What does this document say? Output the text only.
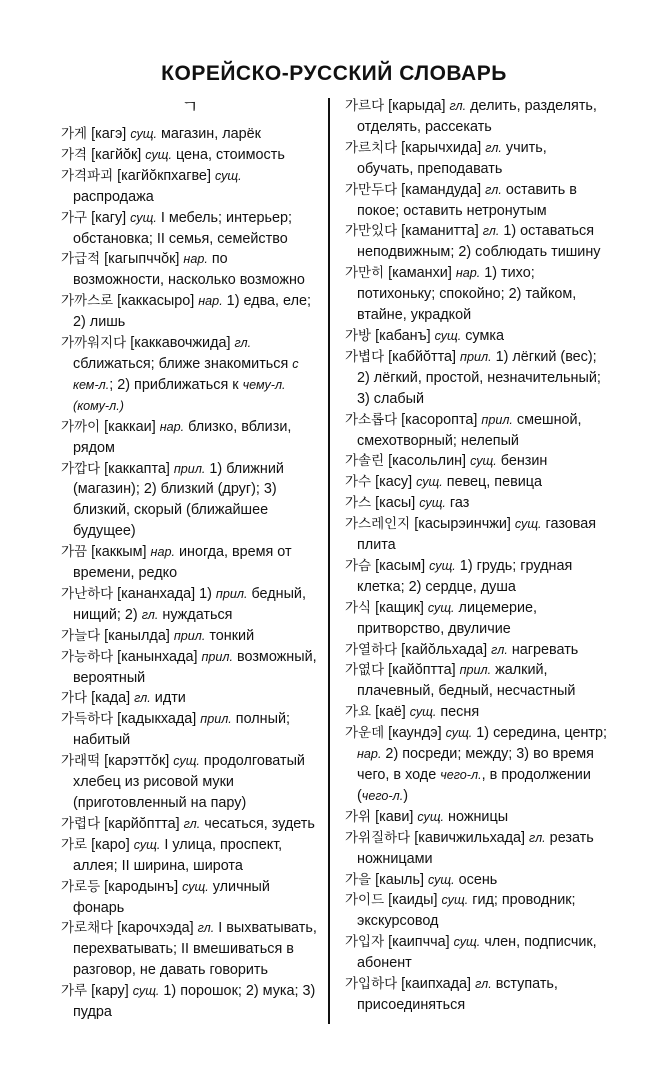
КОРЕЙСКО-РУССКИЙ СЛОВАРЬ
ㄱ
가게 [кагэ] сущ. магазин, ларёк
가격 [кагйŏк] сущ. цена, стоимость
가격파괴 [кагйŏкпхагве] сущ. распродажа
가구 [кагу] сущ. I мебель; интерьер; обстановка; II семья, семейство
가급적 [кагыпччŏк] нар. по возможности, насколько возможно
가까스로 [каккасыро] нар. 1) едва, еле; 2) лишь
가까워지다 [каккавочжида] гл. сближаться; ближе знакомиться с кем-л.; 2) приближаться к чему-л. (кому-л.)
가까이 [каккаи] нар. близко, вблизи, рядом
가깝다 [каккапта] прил. 1) ближний (магазин); 2) близкий (друг); 3) близкий, скорый (ближайшее будущее)
가끔 [каккым] нар. иногда, время от времени, редко
가난하다 [кананхада] 1) прил. бедный, нищий; 2) гл. нуждаться
가늘다 [канылда] прил. тонкий
가능하다 [канынхада] прил. возможный, вероятный
가다 [када] гл. идти
가득하다 [кадыкхада] прил. полный; набитый
가래떡 [карэттŏк] сущ. продолговатый хлебец из рисовой муки (приготовленный на пару)
가렵다 [карйŏптта] гл. чесаться, зудеть
가로 [каро] сущ. I улица, проспект, аллея; II ширина, широта
가로등 [кародынъ] сущ. уличный фонарь
가로채다 [карочхэда] гл. I выхватывать, перехватывать; II вмешиваться в разговор, не давать говорить
가루 [кару] сущ. 1) порошок; 2) мука; 3) пудра
가르다 [карыда] гл. делить, разделять, отделять, рассекать
가르치다 [карычхида] гл. учить, обучать, преподавать
가만두다 [камандуда] гл. оставить в покое; оставить нетронутым
가만있다 [каманитта] гл. 1) оставаться неподвижным; 2) соблюдать тишину
가만히 [каманхи] нар. 1) тихо; потихоньку; спокойно; 2) тайком, втайне, украдкой
가방 [кабанъ] сущ. сумка
가볍다 [кабйŏтта] прил. 1) лёгкий (вес); 2) лёгкий, простой, незначительный; 3) слабый
가소롭다 [касоропта] прил. смешной, смехотворный; нелепый
가솔린 [касольлин] сущ. бензин
가수 [касу] сущ. певец, певица
가스 [касы] сущ. газ
가스레인지 [касырэинчжи] сущ. газовая плита
가슴 [касым] сущ. 1) грудь; грудная клетка; 2) сердце, душа
가식 [кащик] сущ. лицемерие, притворство, двуличие
가열하다 [кайŏльхада] гл. нагревать
가엾다 [кайŏптта] прил. жалкий, плачевный, бедный, несчастный
가요 [каё] сущ. песня
가운데 [каундэ] сущ. 1) середина, центр; нар. 2) посреди; между; 3) во время чего, в ходе чего-л., в продолжении (чего-л.)
가위 [кави] сущ. ножницы
가위질하다 [кавичжильхада] гл. резать ножницами
가을 [каыль] сущ. осень
가이드 [каиды] сущ. гид; проводник; экскурсовод
가입자 [каипчча] сущ. член, подписчик, абонент
가입하다 [каипхада] гл. вступать, присоединяться
